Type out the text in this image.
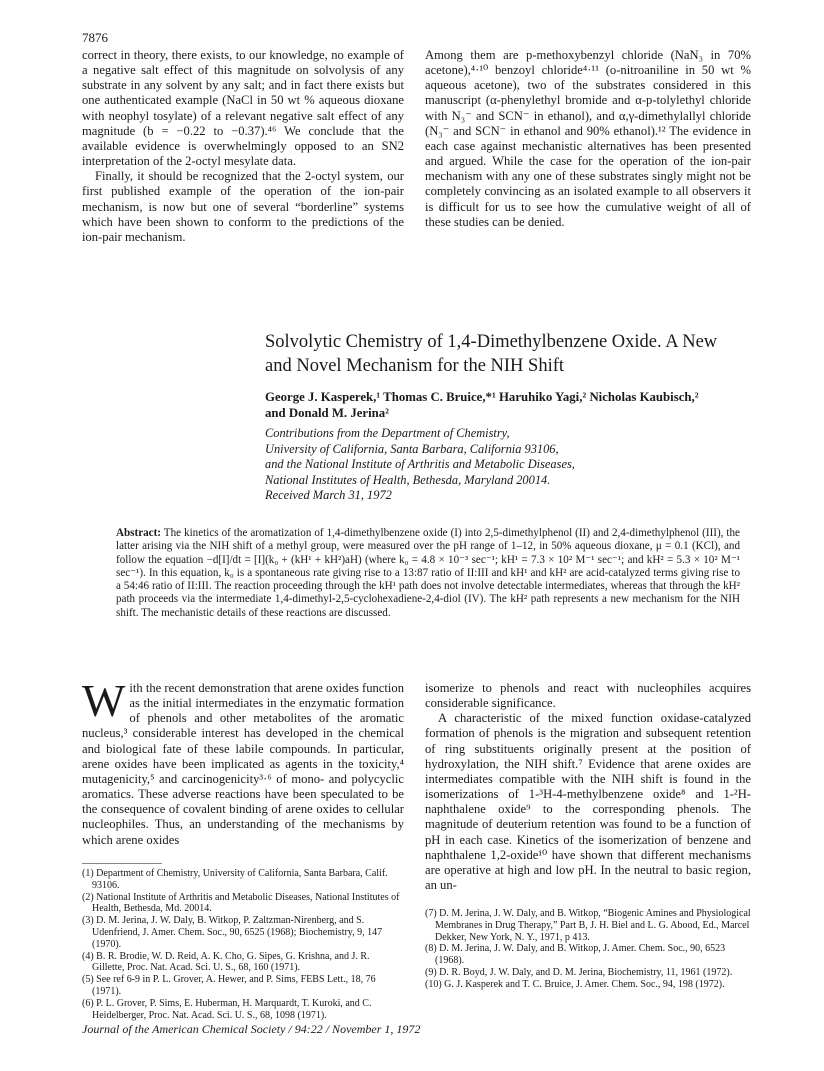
7876

correct in theory, there exists, to our knowledge, no example of a negative salt effect of this magnitude on solvolysis of any substrate in any solvent by any salt; and in fact there exists but one authenticated example (NaCl in 50 wt % aqueous dioxane with neophyl tosylate) of a relevant negative salt effect of any magnitude (b = −0.22 to −0.37).⁴⁶ We conclude that the available evidence is overwhelmingly opposed to an SN2 interpretation of the 2-octyl mesylate data.

Finally, it should be recognized that the 2-octyl system, our first published example of the operation of the ion-pair mechanism, is now but one of several “borderline” systems which have been shown to conform to the predictions of the ion-pair mechanism.

Among them are p-methoxybenzyl chloride (NaN₃ in 70% acetone),⁴·¹⁰ benzoyl chloride⁴·¹¹ (o-nitroaniline in 50 wt % aqueous acetone), two of the substrates considered in this manuscript (α-phenylethyl bromide and α-p-tolylethyl chloride with N₃⁻ and SCN⁻ in ethanol), and α,γ-dimethylallyl chloride (N₃⁻ and SCN⁻ in ethanol and 90% ethanol).¹² The evidence in each case against mechanistic alternatives has been presented and argued. While the case for the operation of the ion-pair mechanism with any one of these substrates singly might not be completely convincing as an isolated example to all observers it is difficult for us to see how the cumulative weight of all of these studies can be denied.

Solvolytic Chemistry of 1,4-Dimethylbenzene Oxide. A New
and Novel Mechanism for the NIH Shift
George J. Kasperek,¹ Thomas C. Bruice,*¹ Haruhiko Yagi,² Nicholas Kaubisch,²
and Donald M. Jerina²
Contributions from the Department of Chemistry,
University of California, Santa Barbara, California 93106,
and the National Institute of Arthritis and Metabolic Diseases,
National Institutes of Health, Bethesda, Maryland 20014.
Received March 31, 1972
Abstract: The kinetics of the aromatization of 1,4-dimethylbenzene oxide (I) into 2,5-dimethylphenol (II) and 2,4-dimethylphenol (III), the latter arising via the NIH shift of a methyl group, were measured over the pH range of 1–12, in 50% aqueous dioxane, μ = 0.1 (KCl), and follow the equation −d[I]/dt = [I](k₀ + (kH¹ + kH²)aH) (where k₀ = 4.8 × 10⁻³ sec⁻¹; kH¹ = 7.3 × 10² M⁻¹ sec⁻¹; and kH² = 5.3 × 10² M⁻¹ sec⁻¹). In this equation, k₀ is a spontaneous rate giving rise to a 13:87 ratio of II:III and kH¹ and kH² are acid-catalyzed terms giving rise to a 54:46 ratio of II:III. The reaction proceeding through the kH¹ path does not involve detectable intermediates, whereas that through the kH² path proceeds via the intermediate 1,4-dimethyl-2,5-cyclohexadiene-2,4-diol (IV). The kH² path represents a new mechanism for the NIH shift. The mechanistic details of these reactions are discussed.

With the recent demonstration that arene oxides function as the initial intermediates in the enzymatic formation of phenols and other metabolites of the aromatic nucleus,³ considerable interest has developed in the chemical and biological fate of these labile compounds. In particular, arene oxides have been implicated as agents in the toxicity,⁴ mutagenicity,⁵ and carcinogenicity³·⁶ of mono- and polycyclic aromatics. These adverse reactions have been speculated to be the consequence of covalent binding of arene oxides to cellular nucleophiles. Thus, an understanding of the mechanisms by which arene oxides

isomerize to phenols and react with nucleophiles acquires considerable significance.

A characteristic of the mixed function oxidase-catalyzed formation of phenols is the migration and subsequent retention of ring substituents originally present at the position of hydroxylation, the NIH shift.⁷ Evidence that arene oxides are intermediates compatible with the NIH shift is found in the isomerizations of 1-³H-4-methylbenzene oxide⁸ and 1-²H-naphthalene oxide⁹ to the corresponding phenols. The magnitude of deuterium retention was found to be a function of pH in each case. Kinetics of the isomerization of benzene and naphthalene 1,2-oxide¹⁰ have shown that different mechanisms are operative at high and low pH. In the neutral to basic region, an un-

(1) Department of Chemistry, University of California, Santa Barbara, Calif. 93106.
(2) National Institute of Arthritis and Metabolic Diseases, National Institutes of Health, Bethesda, Md. 20014.
(3) D. M. Jerina, J. W. Daly, B. Witkop, P. Zaltzman-Nirenberg, and S. Udenfriend, J. Amer. Chem. Soc., 90, 6525 (1968); Biochemistry, 9, 147 (1970).
(4) B. R. Brodie, W. D. Reid, A. K. Cho, G. Sipes, G. Krishna, and J. R. Gillette, Proc. Nat. Acad. Sci. U. S., 68, 160 (1971).
(5) See ref 6-9 in P. L. Grover, A. Hewer, and P. Sims, FEBS Lett., 18, 76 (1971).
(6) P. L. Grover, P. Sims, E. Huberman, H. Marquardt, T. Kuroki, and C. Heidelberger, Proc. Nat. Acad. Sci. U. S., 68, 1098 (1971).
(7) D. M. Jerina, J. W. Daly, and B. Witkop, “Biogenic Amines and Physiological Membranes in Drug Therapy,” Part B, J. H. Biel and L. G. Abood, Ed., Marcel Dekker, New York, N. Y., 1971, p 413.
(8) D. M. Jerina, J. W. Daly, and B. Witkop, J. Amer. Chem. Soc., 90, 6523 (1968).
(9) D. R. Boyd, J. W. Daly, and D. M. Jerina, Biochemistry, 11, 1961 (1972).
(10) G. J. Kasperek and T. C. Bruice, J. Amer. Chem. Soc., 94, 198 (1972).
Journal of the American Chemical Society / 94:22 / November 1, 1972
